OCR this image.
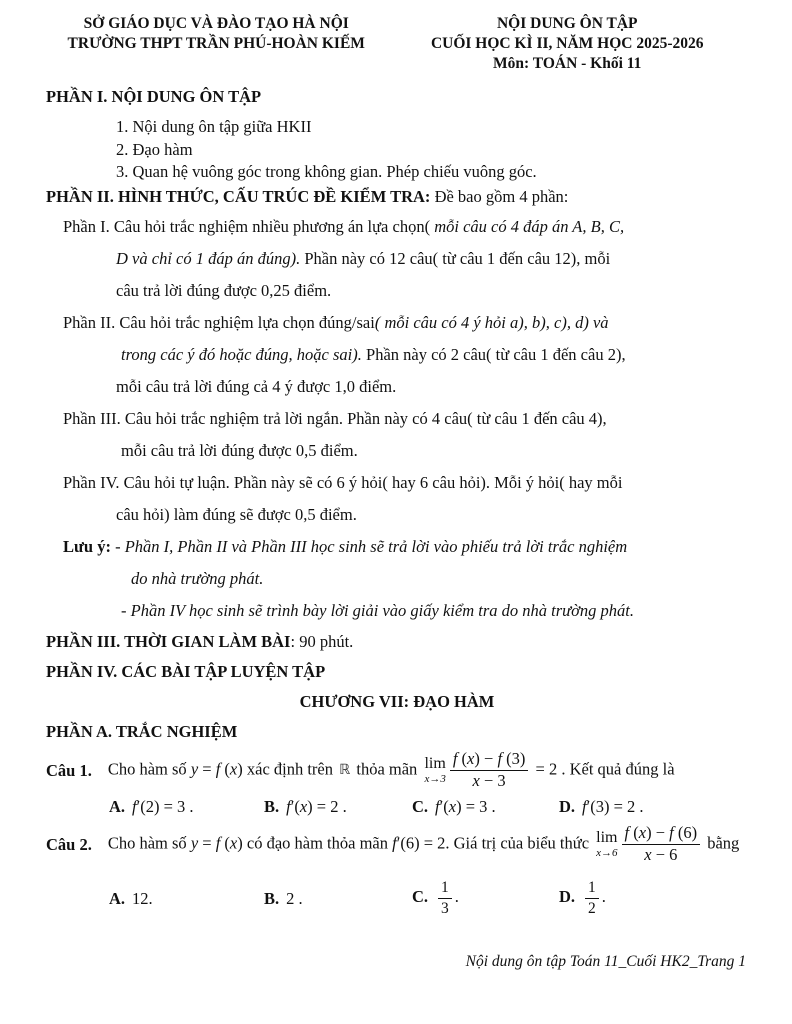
SỞ GIÁO DỤC VÀ ĐÀO TẠO HÀ NỘI
TRƯỜNG THPT TRẦN PHÚ-HOÀN KIẾM
NỘI DUNG ÔN TẬP
CUỐI HỌC KÌ II, NĂM HỌC 2025-2026
Môn: TOÁN - Khối 11
PHẦN I. NỘI DUNG ÔN TẬP
1. Nội dung ôn tập giữa HKII
2. Đạo hàm
3. Quan hệ vuông góc trong không gian. Phép chiếu vuông góc.
PHẦN II. HÌNH THỨC, CẤU TRÚC ĐỀ KIỂM TRA: Đề bao gồm 4 phần:
Phần I. Câu hỏi trắc nghiệm nhiều phương án lựa chọn( mỗi câu có 4 đáp án A, B, C,
D và chỉ có 1 đáp án đúng). Phần này có 12 câu( từ câu 1 đến câu 12), mỗi
câu trả lời đúng được 0,25 điểm.
Phần II. Câu hỏi trắc nghiệm lựa chọn đúng/sai( mỗi câu có 4 ý hỏi a), b), c), d) và
trong các ý đó hoặc đúng, hoặc sai). Phần này có 2 câu( từ câu 1 đến câu 2),
mỗi câu trả lời đúng cả 4 ý được 1,0 điểm.
Phần III. Câu hỏi trắc nghiệm trả lời ngắn. Phần này có 4 câu( từ câu 1 đến câu 4),
mỗi câu trả lời đúng được 0,5 điểm.
Phần IV. Câu hỏi tự luận. Phần này sẽ có 6 ý hỏi( hay 6 câu hỏi). Mỗi ý hỏi( hay mỗi
câu hỏi) làm đúng sẽ được 0,5 điểm.
Lưu ý: - Phần I, Phần II và Phần III học sinh sẽ trả lời vào phiếu trả lời trắc nghiệm
do nhà trường phát.
- Phần IV học sinh sẽ trình bày lời giải vào giấy kiểm tra do nhà trường phát.
PHẦN III. THỜI GIAN LÀM BÀI: 90 phút.
PHẦN IV. CÁC BÀI TẬP LUYỆN TẬP
CHƯƠNG VII: ĐẠO HÀM
PHẦN A. TRẮC NGHIỆM
Câu 1. Cho hàm số y = f (x) xác định trên ℝ thỏa mãn lim
$x\to 3 \frac{f (x) - f (3)}{x - 3} = 2$ . Kết quả đúng là
A. f′(2) = 3 .	B. f′(x) = 2 .	C. f′(x) = 3 .	D. f′(3) = 2 .
Câu 2. Cho hàm số y = f (x) có đạo hàm thỏa mãn f′(6) = 2. Giá trị của biểu thức lim
$x\to 6 \frac{f (x) - f (6)}{x - 6}$ bằng
A. 12.	B. 2 .	C. $\frac{1}{3}$ .	D. $\frac{1}{2}$ .
Nội dung ôn tập Toán 11_Cuối HK2_Trang 1
